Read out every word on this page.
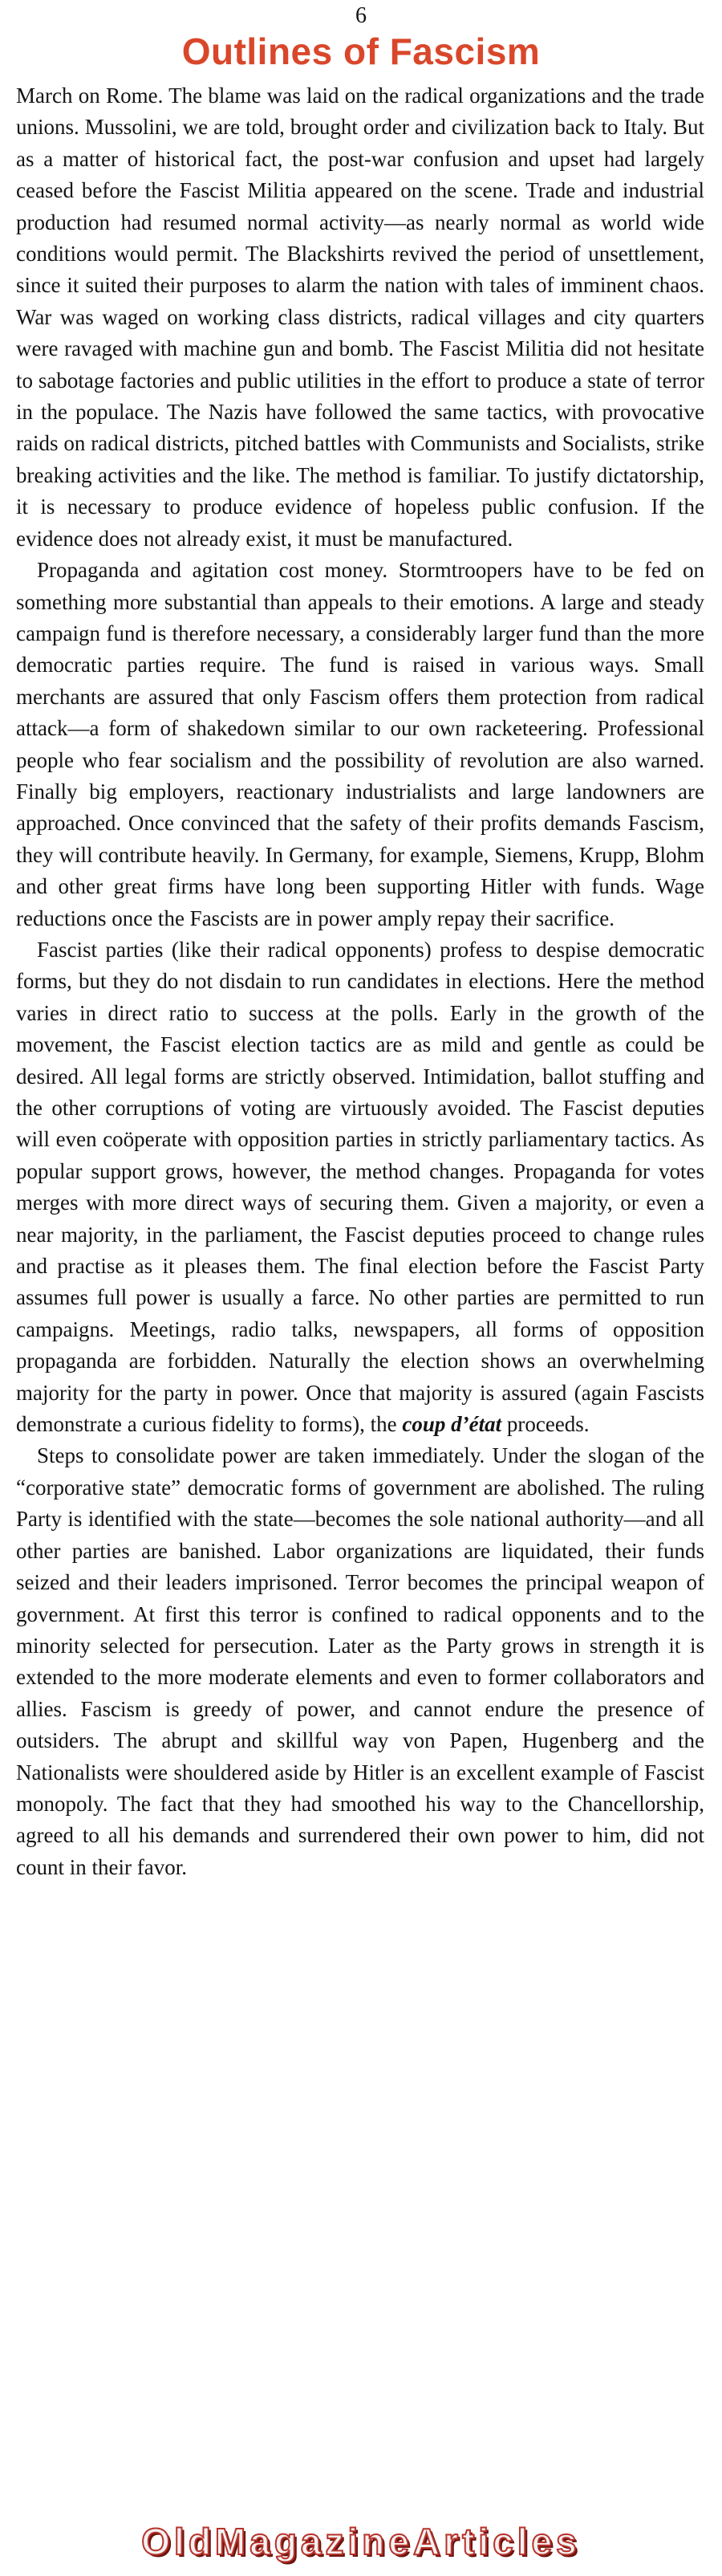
6
Outlines of Fascism

March on Rome. The blame was laid on the radical organizations and the trade unions. Mussolini, we are told, brought order and civilization back to Italy. But as a matter of historical fact, the post-war confusion and upset had largely ceased before the Fascist Militia appeared on the scene. Trade and industrial production had resumed normal activity—as nearly normal as world wide conditions would permit. The Blackshirts revived the period of unsettlement, since it suited their purposes to alarm the nation with tales of imminent chaos. War was waged on working class districts, radical villages and city quarters were ravaged with machine gun and bomb. The Fascist Militia did not hesitate to sabotage factories and public utilities in the effort to produce a state of terror in the populace. The Nazis have followed the same tactics, with provocative raids on radical districts, pitched battles with Communists and Socialists, strike breaking activities and the like. The method is familiar. To justify dictatorship, it is necessary to produce evidence of hopeless public confusion. If the evidence does not already exist, it must be manufactured.

Propaganda and agitation cost money. Stormtroopers have to be fed on something more substantial than appeals to their emotions. A large and steady campaign fund is therefore necessary, a considerably larger fund than the more democratic parties require. The fund is raised in various ways. Small merchants are assured that only Fascism offers them protection from radical attack—a form of shakedown similar to our own racketeering. Professional people who fear socialism and the possibility of revolution are also warned. Finally big employers, reactionary industrialists and large landowners are approached. Once convinced that the safety of their profits demands Fascism, they will contribute heavily. In Germany, for example, Siemens, Krupp, Blohm and other great firms have long been supporting Hitler with funds. Wage reductions once the Fascists are in power amply repay their sacrifice.

Fascist parties (like their radical opponents) profess to despise democratic forms, but they do not disdain to run candidates in elections. Here the method varies in direct ratio to success at the polls. Early in the growth of the movement, the Fascist election tactics are as mild and gentle as could be desired. All legal forms are strictly observed. Intimidation, ballot stuffing and the other corruptions of voting are virtuously avoided. The Fascist deputies will even coöperate with opposition parties in strictly parliamentary tactics. As popular support grows, however, the method changes. Propaganda for votes merges with more direct ways of securing them. Given a majority, or even a near majority, in the parliament, the Fascist deputies proceed to change rules and practise as it pleases them. The final election before the Fascist Party assumes full power is usually a farce. No other parties are permitted to run campaigns. Meetings, radio talks, newspapers, all forms of opposition propaganda are forbidden. Naturally the election shows an overwhelming majority for the party in power. Once that majority is assured (again Fascists demonstrate a curious fidelity to forms), the coup d’état proceeds.

Steps to consolidate power are taken immediately. Under the slogan of the “corporative state” democratic forms of government are abolished. The ruling Party is identified with the state—becomes the sole national authority—and all other parties are banished. Labor organizations are liquidated, their funds seized and their leaders imprisoned. Terror becomes the principal weapon of government. At first this terror is confined to radical opponents and to the minority selected for persecution. Later as the Party grows in strength it is extended to the more moderate elements and even to former collaborators and allies. Fascism is greedy of power, and cannot endure the presence of outsiders. The abrupt and skillful way von Papen, Hugenberg and the Nationalists were shouldered aside by Hitler is an excellent example of Fascist monopoly. The fact that they had smoothed his way to the Chancellorship, agreed to all his demands and surrendered their own power to him, did not count in their favor.

OldMagazineArticles
